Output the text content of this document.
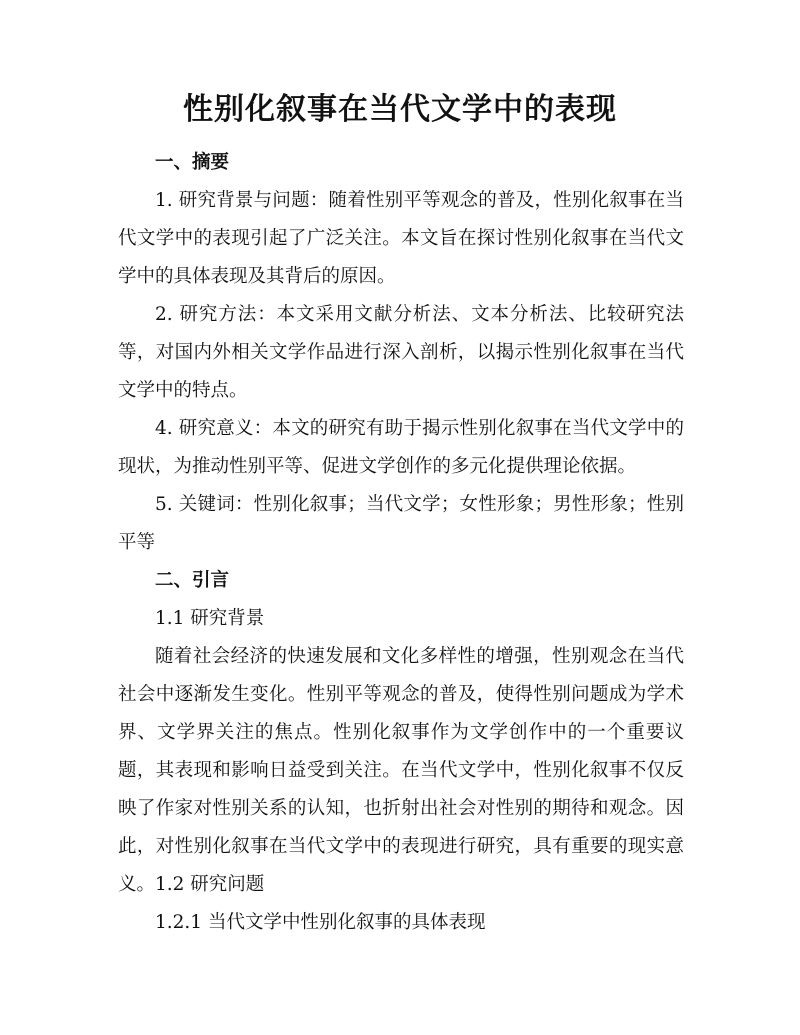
性别化叙事在当代文学中的表现

一、摘要

1. 研究背景与问题：随着性别平等观念的普及，性别化叙事在当代文学中的表现引起了广泛关注。本文旨在探讨性别化叙事在当代文学中的具体表现及其背后的原因。

2. 研究方法：本文采用文献分析法、文本分析法、比较研究法等，对国内外相关文学作品进行深入剖析，以揭示性别化叙事在当代文学中的特点。

4. 研究意义：本文的研究有助于揭示性别化叙事在当代文学中的现状，为推动性别平等、促进文学创作的多元化提供理论依据。

5. 关键词：性别化叙事；当代文学；女性形象；男性形象；性别平等

二、引言

1.1 研究背景

随着社会经济的快速发展和文化多样性的增强，性别观念在当代社会中逐渐发生变化。性别平等观念的普及，使得性别问题成为学术界、文学界关注的焦点。性别化叙事作为文学创作中的一个重要议题，其表现和影响日益受到关注。在当代文学中，性别化叙事不仅反映了作家对性别关系的认知，也折射出社会对性别的期待和观念。因此，对性别化叙事在当代文学中的表现进行研究，具有重要的现实意义。 1.2 研究问题

1.2.1 当代文学中性别化叙事的具体表现
